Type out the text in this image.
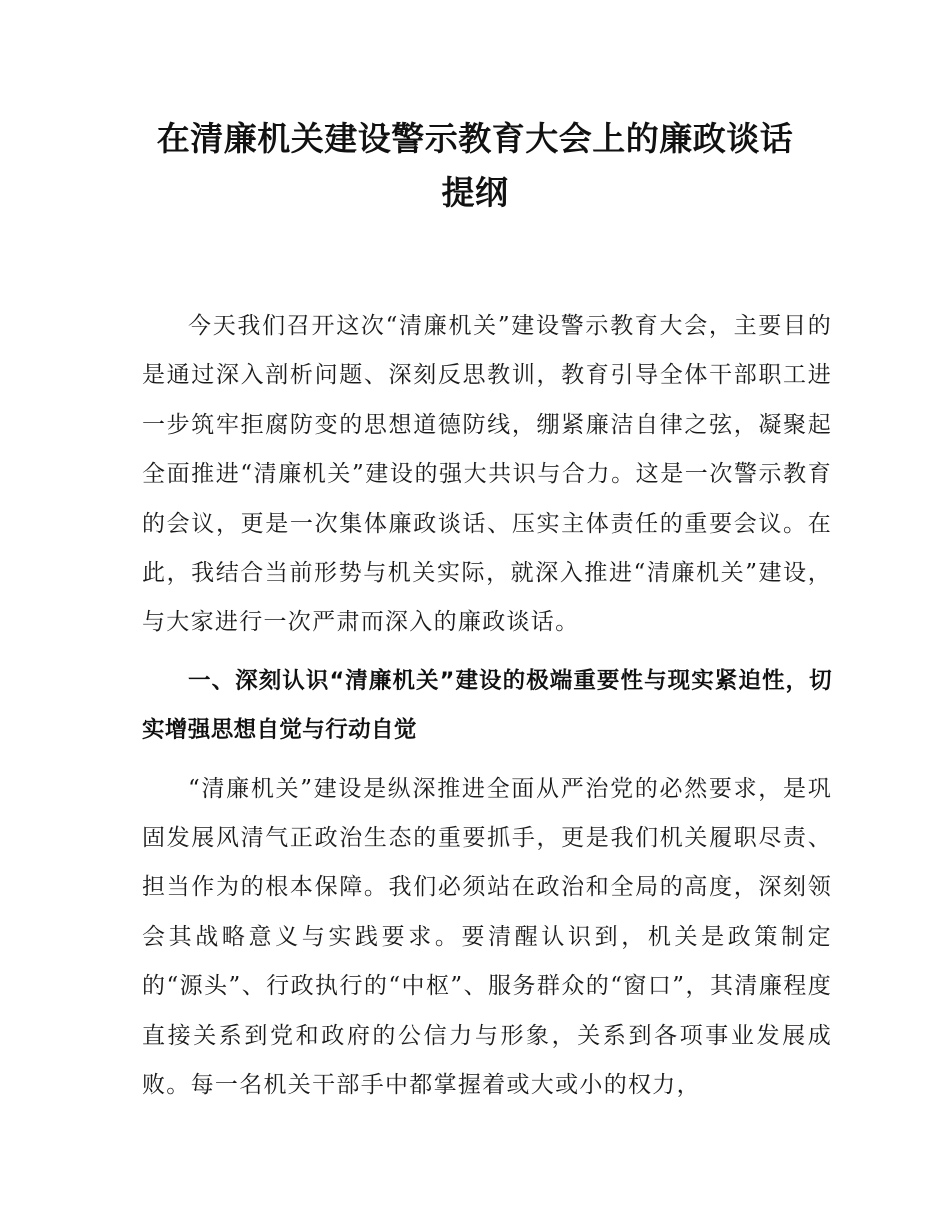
在清廉机关建设警示教育大会上的廉政谈话
提纲

今天我们召开这次“清廉机关”建设警示教育大会，主要目的是通过深入剖析问题、深刻反思教训，教育引导全体干部职工进一步筑牢拒腐防变的思想道德防线，绷紧廉洁自律之弦，凝聚起全面推进“清廉机关”建设的强大共识与合力。这是一次警示教育的会议，更是一次集体廉政谈话、压实主体责任的重要会议。在此，我结合当前形势与机关实际，就深入推进“清廉机关”建设，与大家进行一次严肃而深入的廉政谈话。

一、深刻认识“清廉机关”建设的极端重要性与现实紧迫性，切实增强思想自觉与行动自觉

“清廉机关”建设是纵深推进全面从严治党的必然要求，是巩固发展风清气正政治生态的重要抓手，更是我们机关履职尽责、担当作为的根本保障。我们必须站在政治和全局的高度，深刻领会其战略意义与实践要求。要清醒认识到，机关是政策制定的“源头”、行政执行的“中枢”、服务群众的“窗口”，其清廉程度直接关系到党和政府的公信力与形象，关系到各项事业发展成败。每一名机关干部手中都掌握着或大或小的权力，
